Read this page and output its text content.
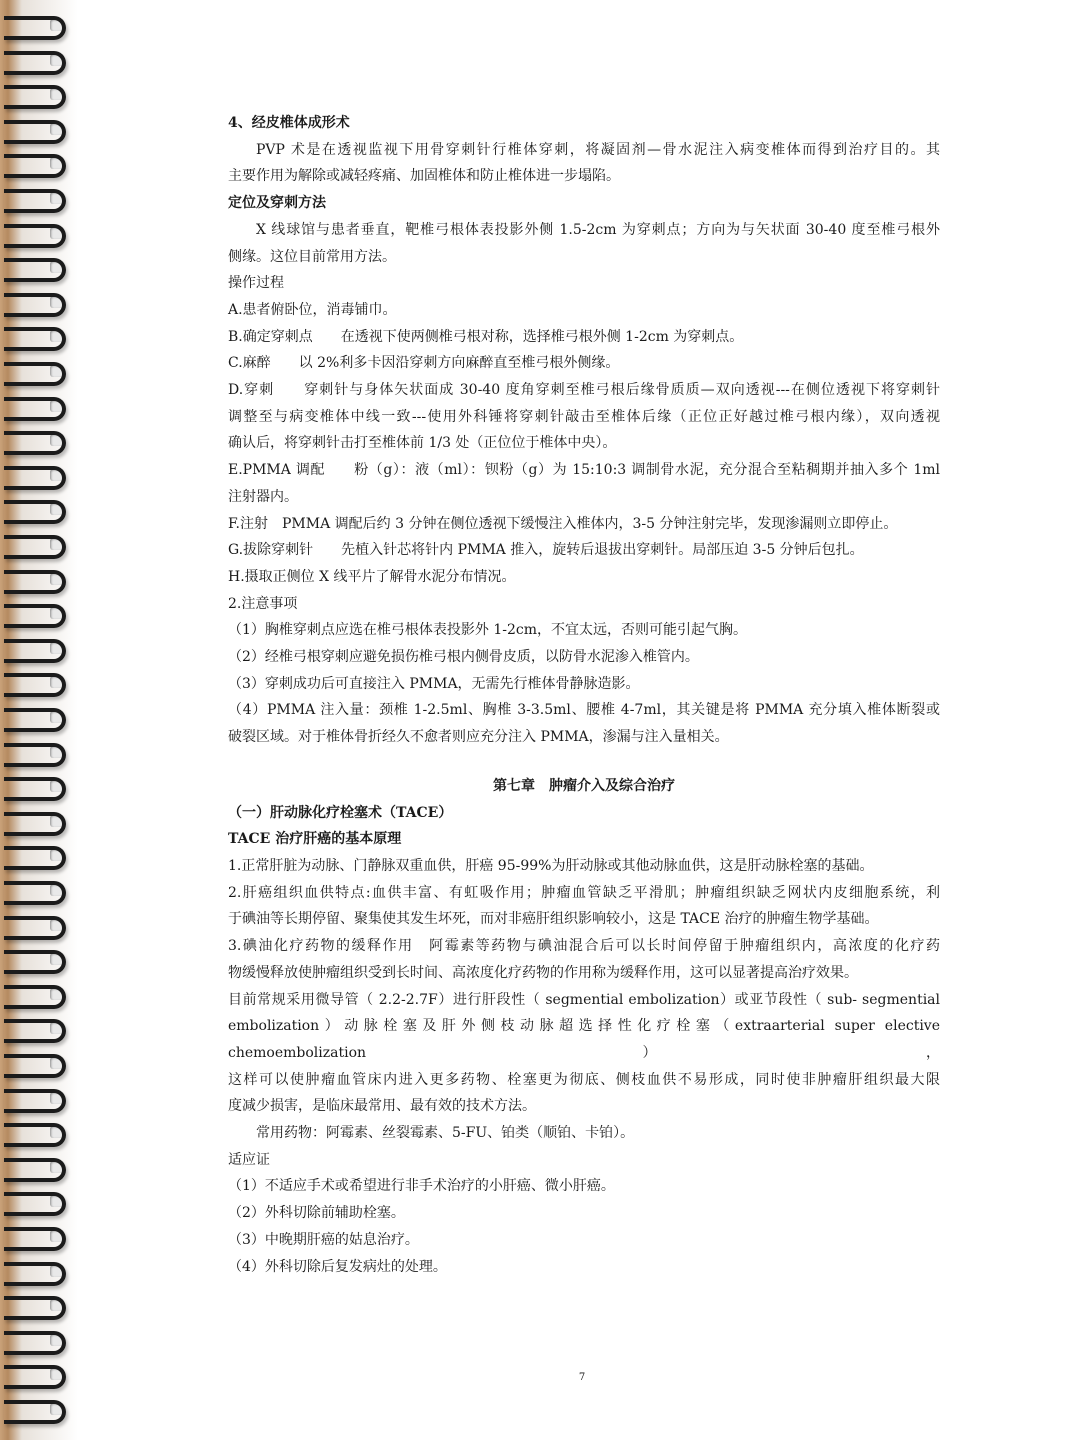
4、经皮椎体成形术
PVP 术是在透视监视下用骨穿刺针行椎体穿刺，将凝固剂—骨水泥注入病变椎体而得到治疗目的。其
主要作用为解除或减轻疼痛、加固椎体和防止椎体进一步塌陷。
定位及穿刺方法
X 线球馆与患者垂直，靶椎弓根体表投影外侧 1.5-2cm 为穿刺点；方向为与矢状面 30-40 度至椎弓根外
侧缘。这位目前常用方法。
操作过程
A.患者俯卧位，消毒铺巾。
B.确定穿刺点　　在透视下使两侧椎弓根对称，选择椎弓根外侧 1-2cm 为穿刺点。
C.麻醉　　以 2%利多卡因沿穿刺方向麻醉直至椎弓根外侧缘。
D.穿刺　　穿刺针与身体矢状面成 30-40 度角穿刺至椎弓根后缘骨质质—双向透视---在侧位透视下将穿刺针
调整至与病变椎体中线一致---使用外科锤将穿刺针敲击至椎体后缘（正位正好越过椎弓根内缘），双向透视
确认后，将穿刺针击打至椎体前 1/3 处（正位位于椎体中央）。
E.PMMA 调配　　粉（g）：液（ml）：钡粉（g）为 15:10:3 调制骨水泥，充分混合至粘稠期并抽入多个 1ml
注射器内。
F.注射　PMMA 调配后约 3 分钟在侧位透视下缓慢注入椎体内，3-5 分钟注射完毕，发现渗漏则立即停止。
G.拔除穿刺针　　先植入针芯将针内 PMMA 推入，旋转后退拔出穿刺针。局部压迫 3-5 分钟后包扎。
H.摄取正侧位 X 线平片了解骨水泥分布情况。
2.注意事项
（1）胸椎穿刺点应选在椎弓根体表投影外 1-2cm，不宜太远，否则可能引起气胸。
（2）经椎弓根穿刺应避免损伤椎弓根内侧骨皮质，以防骨水泥渗入椎管内。
（3）穿刺成功后可直接注入 PMMA，无需先行椎体骨静脉造影。
（4）PMMA 注入量：颈椎 1-2.5ml、胸椎 3-3.5ml、腰椎 4-7ml，其关键是将 PMMA 充分填入椎体断裂或
破裂区域。对于椎体骨折经久不愈者则应充分注入 PMMA，渗漏与注入量相关。
第七章　肿瘤介入及综合治疗
（一）肝动脉化疗栓塞术（TACE）
TACE 治疗肝癌的基本原理
1.正常肝脏为动脉、门静脉双重血供，肝癌 95-99%为肝动脉或其他动脉血供，这是肝动脉栓塞的基础。
2.肝癌组织血供特点:血供丰富、有虹吸作用；肿瘤血管缺乏平滑肌；肿瘤组织缺乏网状内皮细胞系统，利
于碘油等长期停留、聚集使其发生坏死，而对非癌肝组织影响较小，这是 TACE 治疗的肿瘤生物学基础。
3.碘油化疗药物的缓释作用　阿霉素等药物与碘油混合后可以长时间停留于肿瘤组织内，高浓度的化疗药
物缓慢释放使肿瘤组织受到长时间、高浓度化疗药物的作用称为缓释作用，这可以显著提高治疗效果。
目前常规采用微导管（ 2.2-2.7F）进行肝段性（ segmential embolization）或亚节段性（ sub- segmential
embolization）动脉栓塞及肝外侧枝动脉超选择性化疗栓塞（extraarterial super elective chemoembolization），
这样可以使肿瘤血管床内进入更多药物、栓塞更为彻底、侧枝血供不易形成，同时使非肿瘤肝组织最大限
度减少损害，是临床最常用、最有效的技术方法。
常用药物：阿霉素、丝裂霉素、5-FU、铂类（顺铂、卡铂）。
适应证
（1）不适应手术或希望进行非手术治疗的小肝癌、微小肝癌。
（2）外科切除前辅助栓塞。
（3）中晚期肝癌的姑息治疗。
（4）外科切除后复发病灶的处理。
7
